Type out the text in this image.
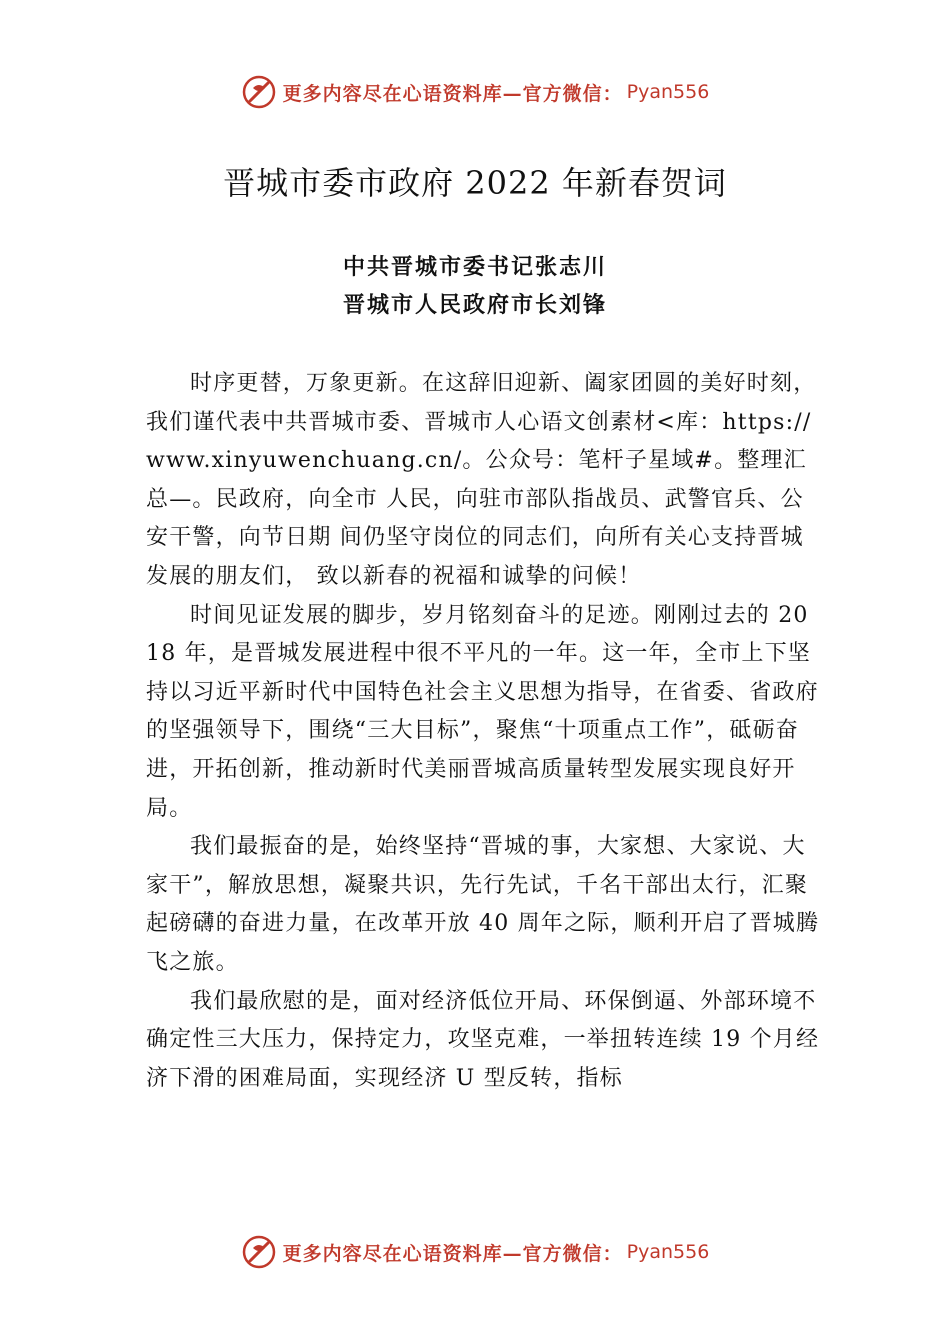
更多内容尽在心语资料库—官方微信： Pyan556
晋城市委市政府 2022 年新春贺词
中共晋城市委书记张志川
晋城市人民政府市长刘锋

时序更替，万象更新。在这辞旧迎新、阖家团圆的美好时刻，我们谨代表中共晋城市委、晋城市人心语文创素材<库：https://www.xinyuwenchuang.cn/。公众号：笔杆子星域#。整理汇总—。民政府，向全市 人民，向驻市部队指战员、武警官兵、公安干警，向节日期 间仍坚守岗位的同志们，向所有关心支持晋城发展的朋友们， 致以新春的祝福和诚挚的问候！

时间见证发展的脚步，岁月铭刻奋斗的足迹。刚刚过去的 2018 年，是晋城发展进程中很不平凡的一年。这一年，全市上下坚持以习近平新时代中国特色社会主义思想为指导，在省委、省政府的坚强领导下，围绕“三大目标”，聚焦“十项重点工作”，砥砺奋进，开拓创新，推动新时代美丽晋城高质量转型发展实现良好开局。

我们最振奋的是，始终坚持“晋城的事，大家想、大家说、大家干”，解放思想，凝聚共识，先行先试，千名干部出太行，汇聚起磅礴的奋进力量，在改革开放 40 周年之际，顺利开启了晋城腾飞之旅。

我们最欣慰的是，面对经济低位开局、环保倒逼、外部环境不确定性三大压力，保持定力，攻坚克难，一举扭转连续 19 个月经济下滑的困难局面，实现经济 U 型反转，指标

更多内容尽在心语资料库—官方微信： Pyan556
